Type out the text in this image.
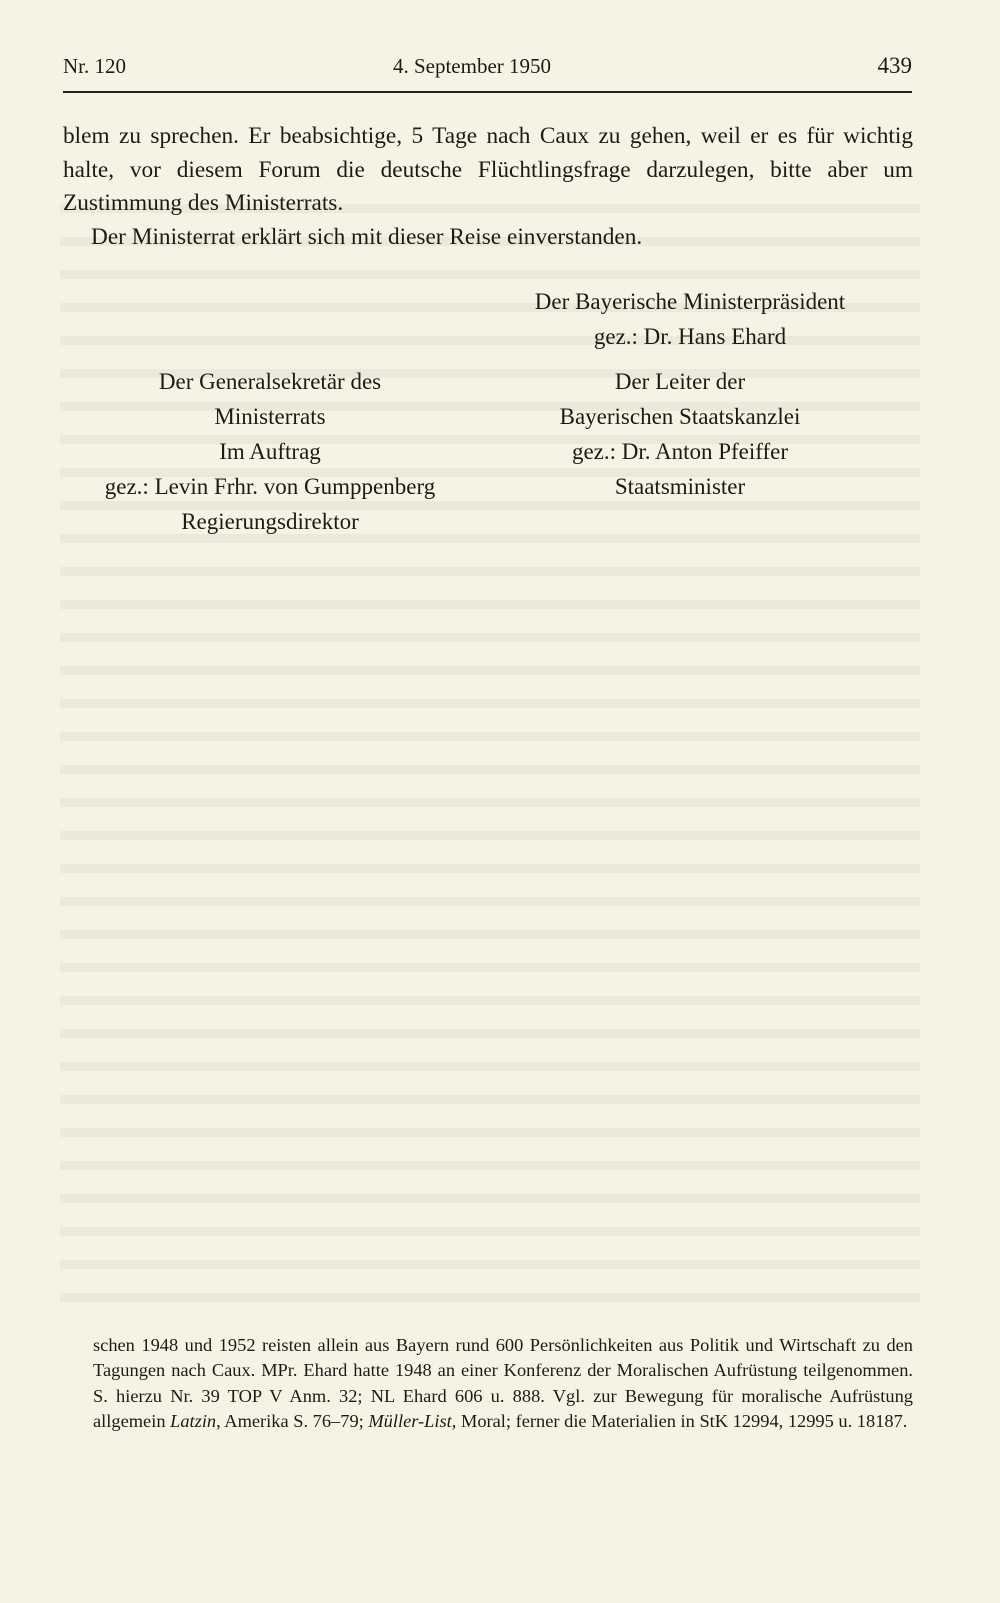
Nr. 120	4. September 1950	439

blem zu sprechen. Er beabsichtige, 5 Tage nach Caux zu gehen, weil er es für wichtig halte, vor diesem Forum die deutsche Flüchtlingsfrage darzulegen, bitte aber um Zustimmung des Ministerrats.

Der Ministerrat erklärt sich mit dieser Reise einverstanden.

Der Bayerische Ministerpräsident
gez.: Dr. Hans Ehard
Der Generalsekretär des
Ministerrats
Im Auftrag
gez.: Levin Frhr. von Gumppenberg
Regierungsdirektor
Der Leiter der
Bayerischen Staatskanzlei
gez.: Dr. Anton Pfeiffer
Staatsminister
schen 1948 und 1952 reisten allein aus Bayern rund 600 Persönlichkeiten aus Politik und Wirtschaft zu den Tagungen nach Caux. MPr. Ehard hatte 1948 an einer Konferenz der Moralischen Aufrüstung teilgenommen. S. hierzu Nr. 39 TOP V Anm. 32; NL Ehard 606 u. 888. Vgl. zur Bewegung für moralische Aufrüstung allgemein Latzin, Amerika S. 76–79; Müller-List, Moral; ferner die Materialien in StK 12994, 12995 u. 18187.
